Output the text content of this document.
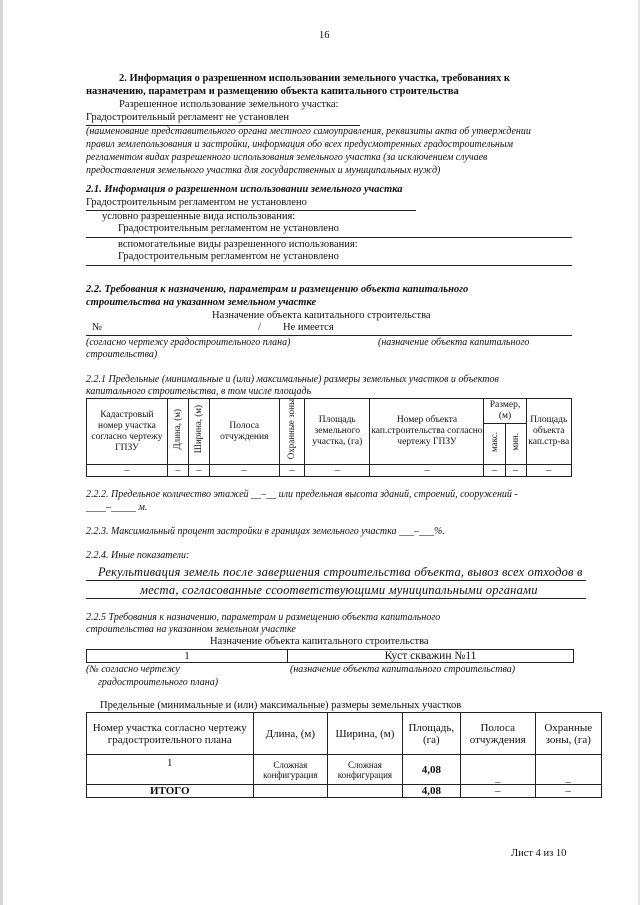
16
2. Информация о разрешенном использовании земельного участка, требованиях к
назначению, параметрам и размещению объекта капитального строительства
Разрешенное использование земельного участка:
Градостроительный регламент не установлен
(наименование представительного органа местного самоуправления, реквизиты акта об утверждении
правил землепользования и застройки, информация обо всех предусмотренных градостроительным
регламентом видах разрешенного использования земельного участка (за исключением случаев
предоставления земельного участка для государственных и муниципальных нужд)
2.1. Информация о разрешенном использовании земельного участка
Градостроительным регламентом не установлено
условно разрешенные вида использования:
Градостроительным регламентом не установлено
вспомогательные виды разрешенного использования:
Градостроительным регламентом не установлено
2.2. Требования к назначению, параметрам и размещению объекта капитального
строительства на указанном земельном участке
Назначение объекта капитального строительства
№	/ Не имеется
(согласно чертежу градостроительного плана)	(назначение объекта капитального
строительства)
2.2.1 Предельные (минимальные и (или) максимальные) размеры земельных участков и объектов
капитального строительства, в том числе площадь
Кадастровый номер участка согласно чертежу ГПЗУ	Длина, (м)	Ширина, (м)	Полоса отчуждения	Охранные зоны	Площадь земельного участка, (га)	Номер объекта кап.строительства согласно чертежу ГПЗУ	Размер, (м)		Площадь объекта кап.стр-ва
							макс.	мин.	
–	–	–	–	–	–	–	–	–	–
2.2.2. Предельное количество этажей __–__ или предельная высота зданий, строений, сооружений -
____–_____ м.
2.2.3. Максимальный процент застройки в границах земельного участка ___–___%.
2.2.4. Иные показатели:
Рекультивация земель после завершения строительства объекта, вывоз всех отходов в
места, согласованные ссоответствующими муниципальными органами
2.2.5 Требования к назначению, параметрам и размещению объекта капитального
строительства на указанном земельном участке
Назначение объекта капитального строительства
1	Куст скважин №11
(№ согласно чертежу	(назначение объекта капитального строительства)
градостроительного плана)
Предельные (минимальные и (или) максимальные) размеры земельных участков
Номер участка согласно чертежу градостроительного плана	Длина, (м)	Ширина, (м)	Площадь, (га)	Полоса отчуждения	Охранные зоны, (га)
1	Сложная конфигурация	Сложная конфигурация	4,08	_	_
ИТОГО			4,08	–	–
Лист 4 из 10
